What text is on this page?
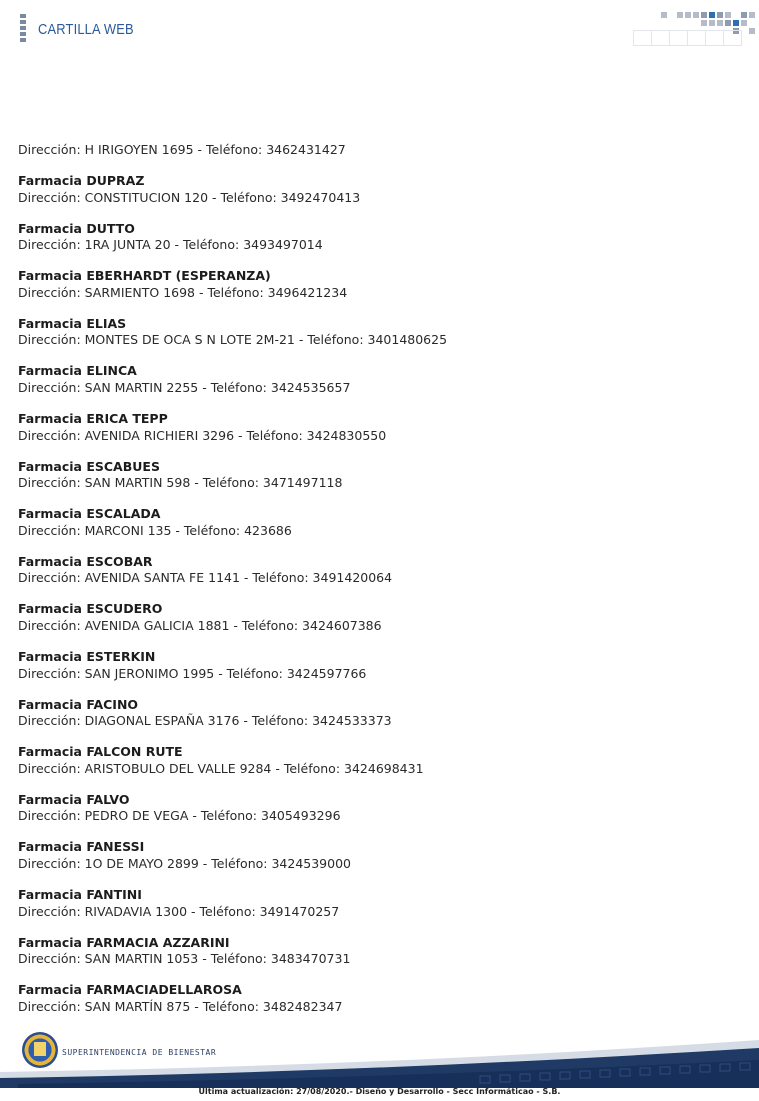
CARTILLA WEB
Dirección: H IRIGOYEN 1695 - Teléfono: 3462431427
Farmacia DUPRAZ
Dirección: CONSTITUCION 120 - Teléfono: 3492470413
Farmacia DUTTO
Dirección: 1RA JUNTA 20 - Teléfono: 3493497014
Farmacia EBERHARDT (ESPERANZA)
Dirección: SARMIENTO 1698 - Teléfono: 3496421234
Farmacia ELIAS
Dirección: MONTES DE OCA S N LOTE 2M-21 - Teléfono: 3401480625
Farmacia ELINCA
Dirección: SAN MARTIN 2255 - Teléfono: 3424535657
Farmacia ERICA TEPP
Dirección: AVENIDA RICHIERI 3296 - Teléfono: 3424830550
Farmacia ESCABUES
Dirección: SAN MARTIN 598 - Teléfono: 3471497118
Farmacia ESCALADA
Dirección: MARCONI 135 - Teléfono: 423686
Farmacia ESCOBAR
Dirección: AVENIDA SANTA FE 1141 - Teléfono: 3491420064
Farmacia ESCUDERO
Dirección: AVENIDA GALICIA 1881 - Teléfono: 3424607386
Farmacia ESTERKIN
Dirección: SAN JERONIMO 1995 - Teléfono: 3424597766
Farmacia FACINO
Dirección: DIAGONAL ESPAÑA 3176 - Teléfono: 3424533373
Farmacia FALCON RUTE
Dirección: ARISTOBULO DEL VALLE 9284 - Teléfono: 3424698431
Farmacia FALVO
Dirección: PEDRO DE VEGA - Teléfono: 3405493296
Farmacia FANESSI
Dirección: 1O DE MAYO 2899 - Teléfono: 3424539000
Farmacia FANTINI
Dirección: RIVADAVIA 1300 - Teléfono: 3491470257
Farmacia FARMACIA AZZARINI
Dirección: SAN MARTIN 1053 - Teléfono: 3483470731
Farmacia FARMACIADELLAROSA
Dirección: SAN MARTÍN 875 - Teléfono: 3482482347
SUPERINTENDENCIA DE BIENESTAR
Última actualización: 27/08/2020.- Diseño y Desarrollo - Secc Informáticao - S.B.
